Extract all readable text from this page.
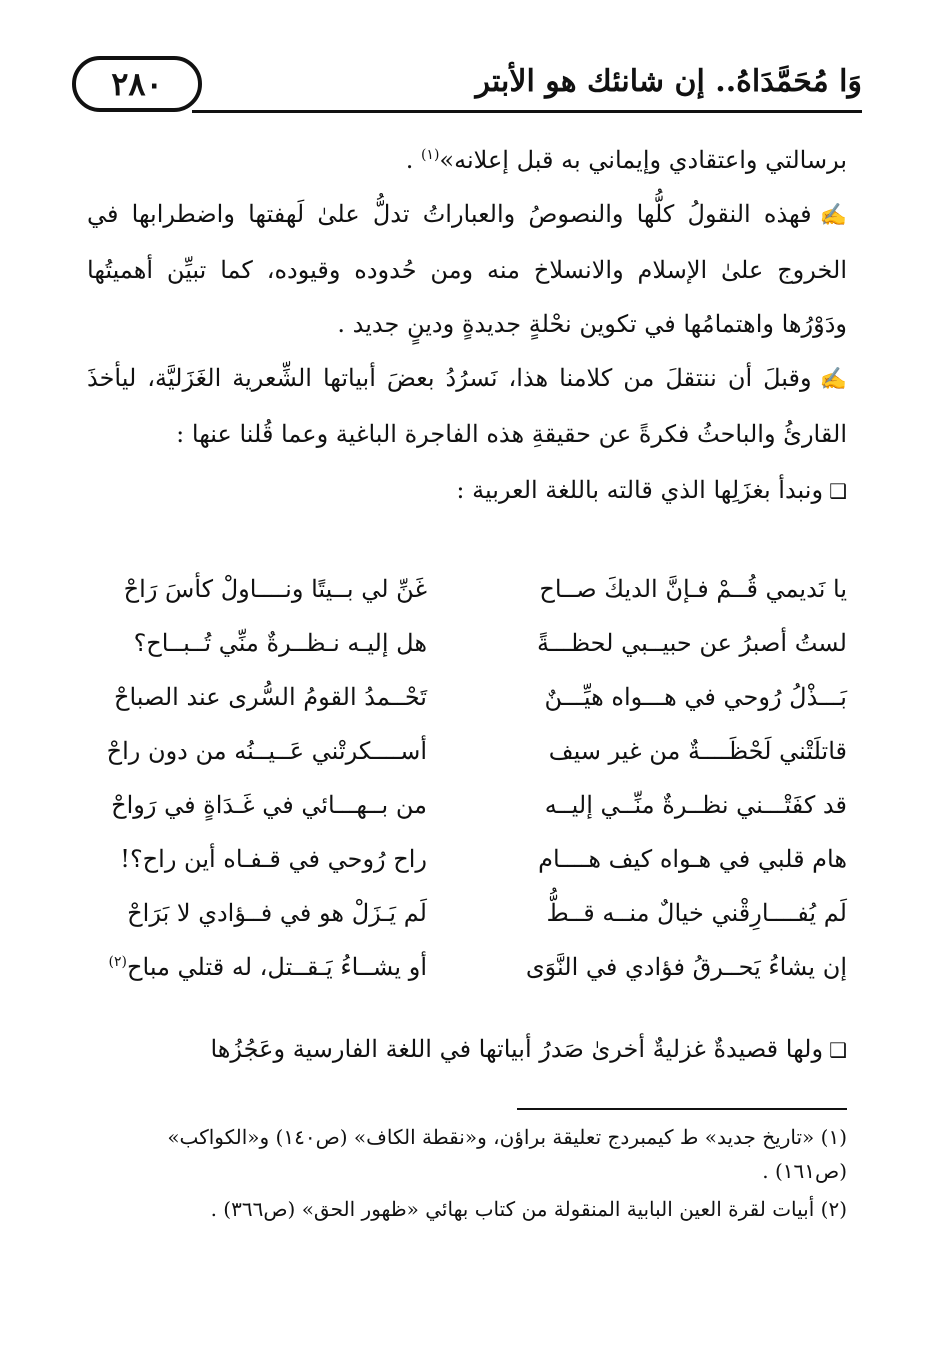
٢٨٠	وَا مُحَمَّدَاهُ.. إن شانئك هو الأبتر

برسالتي واعتقادي وإيماني به قبل إعلانه»$^{(١)}$ .

✍فهذه النقولُ كلُّها والنصوصُ والعباراتُ تدلُّ علىٰ لَهفتها واضطرابها في الخروج علىٰ الإسلام والانسلاخ منه ومن حُدوده وقيوده، كما تبيِّن أهميتُها ودَوْرُها واهتمامُها في تكوين نحْلةٍ جديدةٍ ودينٍ جديد .

✍وقبلَ أن ننتقلَ من كلامنا هذا، نَسرُدُ بعضَ أبياتها الشِّعرية الغَزَليَّة، ليأخذَ القارئُ والباحثُ فكرةً عن حقيقةِ هذه الفاجرة الباغية وعما قُلنا عنها :

❑ونبدأ بغزَلِها الذي قالته باللغة العربية :

يا نَديمي قُــمْ فـإنَّ الديكَ صــاح
غَنِّ لي بــيتًا ونــــاولْ كأسَ رَاحْ
لستُ أصبرُ عن حبيــبي لحظـــةً
هل إليـه نـظــرةٌ منِّي تُــبــاح؟
بَـــذْلُ رُوحي في هـــواه هيِّـــنٌ
تَحْــمدُ القومُ السُّرى عند الصباحْ
قاتلَتْني لَحْظَــــةٌ من غير سيف
أســــكرتْني عَــيــنُه من دون راحْ
قد كفَتْـــني نظــرةٌ منِّــي إليــه
من بــهـــائي في غَـدَاةٍ في رَواحْ
هام قلبي في هـواه كيف هــــام
راح رُوحي في قـفـاه أين راح؟!
لَم يُفــــارِقْني خيالٌ منــه قــطُّ
لَم يَـزَلْ هو في فــؤادي لا بَرَاحْ
إن يشاءُ يَحــرقُ فؤادي في النَّوَى
أو يشــاءُ يَـقــتل، له قتلي مباح$^{(٢)}$
❑ولها قصيدةٌ غزليةٌ أخرىٰ صَدرُ أبياتها في اللغة الفارسية وعَجُزُها

(١) «تاريخ جديد» ط كيمبردج تعليقة براؤن، و«نقطة الكاف» (ص١٤٠) و«الكواكب» (ص١٦١) .

(٢) أبيات لقرة العين البابية المنقولة من كتاب بهائي «ظهور الحق» (ص٣٦٦) .
